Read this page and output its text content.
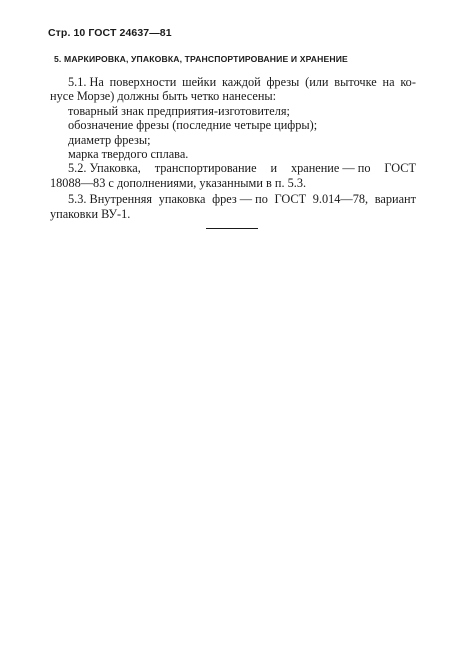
Стр. 10 ГОСТ 24637—81
5. МАРКИРОВКА, УПАКОВКА, ТРАНСПОРТИРОВАНИЕ И ХРАНЕНИЕ
5.1. На поверхности шейки каждой фрезы (или выточке на ко-
нусе Морзе) должны быть четко нанесены:
товарный знак предприятия-изготовителя;
обозначение фрезы (последние четыре цифры);
диаметр фрезы;
марка твердого сплава.
5.2. Упаковка, транспортирование и хранение — по ГОСТ
18088—83 с дополнениями, указанными в п. 5.3.
5.3. Внутренняя упаковка фрез — по ГОСТ 9.014—78, вариант
упаковки ВУ-1.
